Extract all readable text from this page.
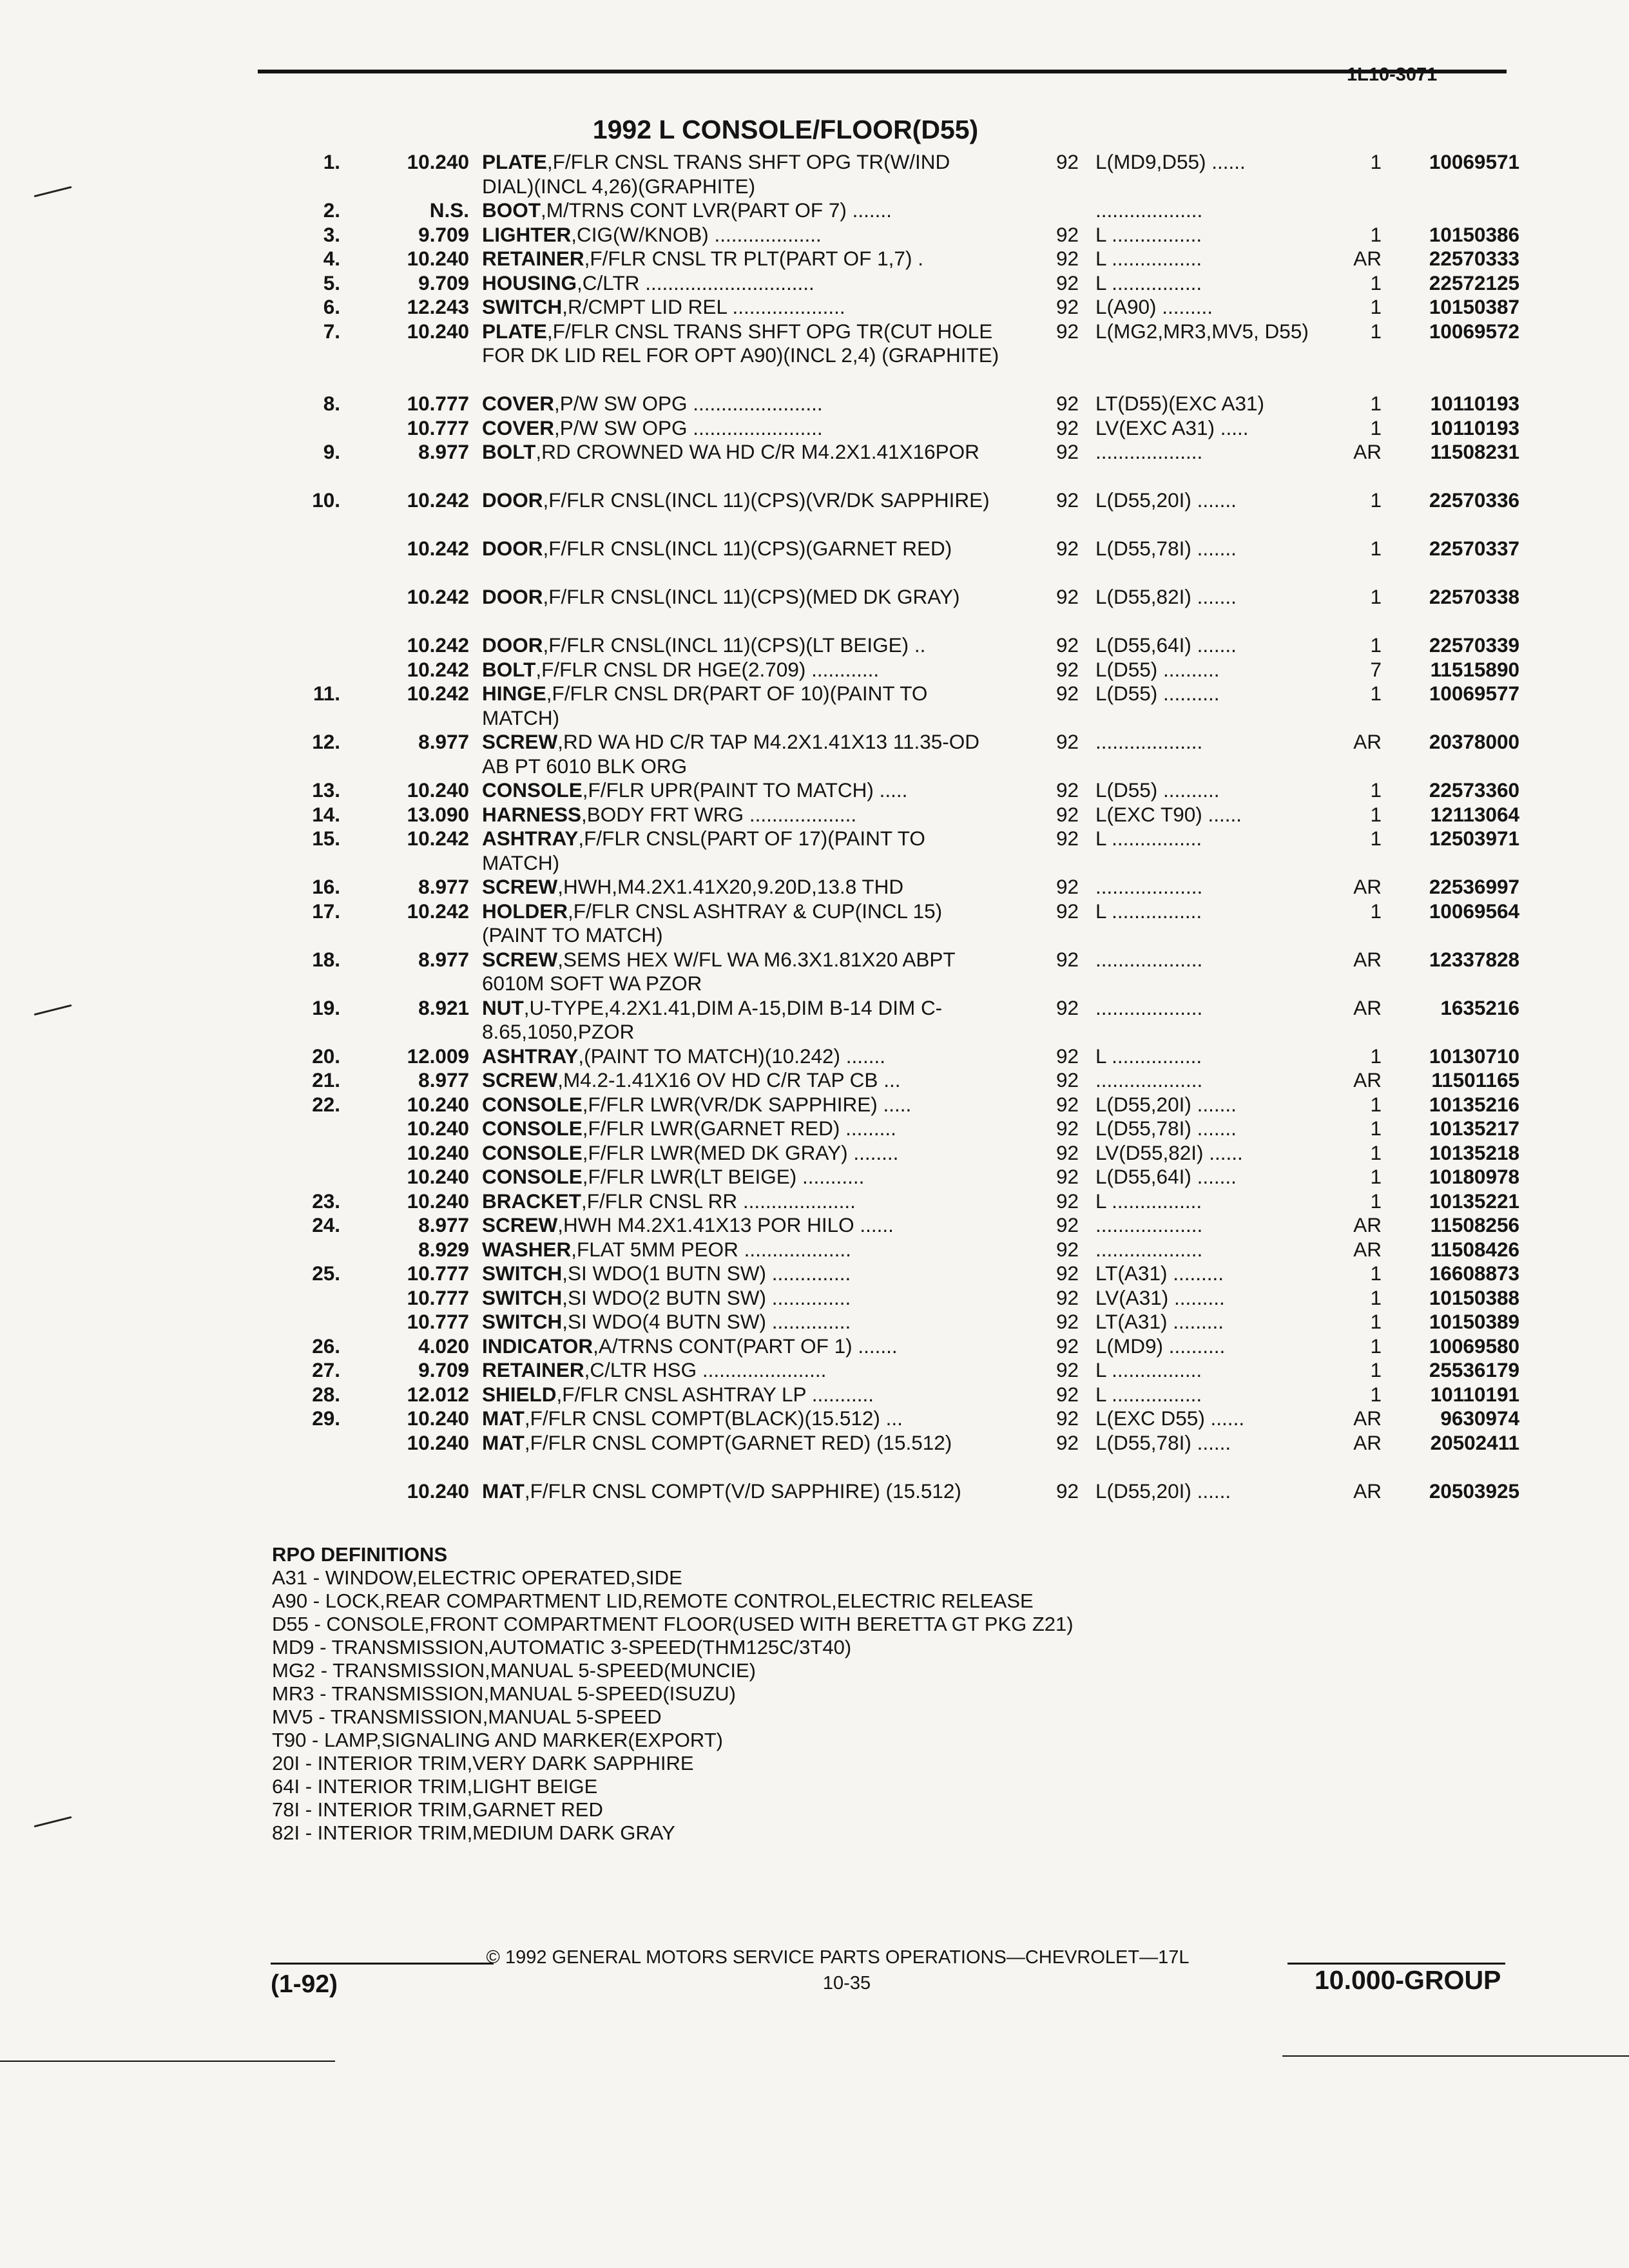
1L10-3071
1992 L CONSOLE/FLOOR(D55)
1.	10.240 PLATE,F/FLR CNSL TRANS SHFT OPG TR(W/IND DIAL)(INCL 4,26)(GRAPHITE)
92 L(MD9,D55) ......	1	10069571
2.	N.S. BOOT,M/TRNS CONT LVR(PART OF 7) .......	...................
3.	9.709 LIGHTER,CIG(W/KNOB) ...................	92 L ................	1	10150386
4.	10.240 RETAINER,F/FLR CNSL TR PLT(PART OF 1,7) .	92 L ................	AR	22570333
5.	9.709 HOUSING,C/LTR ..............................	92 L ................	1	22572125
6.	12.243 SWITCH,R/CMPT LID REL ....................	92 L(A90) .........	1	10150387
7.	10.240 PLATE,F/FLR CNSL TRANS SHFT OPG TR(CUT HOLE FOR DK LID REL FOR OPT A90)(INCL 2,4) (GRAPHITE)
92 L(MG2,MR3,MV5, D55)	1	10069572
8.	10.777 COVER,P/W SW OPG .......................	92 LT(D55)(EXC A31)	1	10110193
10.777 COVER,P/W SW OPG .......................	92 LV(EXC A31) .....	1	10110193
9.	8.977 BOLT,RD CROWNED WA HD C/R M4.2X1.41X16POR	92 ...................	AR	11508231
10.	10.242 DOOR,F/FLR CNSL(INCL 11)(CPS)(VR/DK SAPPHIRE)	92 L(D55,20I) .......	1	22570336
10.242 DOOR,F/FLR CNSL(INCL 11)(CPS)(GARNET RED)	92 L(D55,78I) .......	1	22570337
10.242 DOOR,F/FLR CNSL(INCL 11)(CPS)(MED DK GRAY)	92 L(D55,82I) .......	1	22570338
10.242 DOOR,F/FLR CNSL(INCL 11)(CPS)(LT BEIGE) ..	92 L(D55,64I) .......	1	22570339
10.242 BOLT,F/FLR CNSL DR HGE(2.709) ............	92 L(D55) ..........	7	11515890
11.	10.242 HINGE,F/FLR CNSL DR(PART OF 10)(PAINT TO MATCH)
92 L(D55) ..........	1	10069577
12.	8.977 SCREW,RD WA HD C/R TAP M4.2X1.41X13 11.35-OD AB PT 6010 BLK ORG
92 ...................	AR	20378000
13.	10.240 CONSOLE,F/FLR UPR(PAINT TO MATCH) .....	92 L(D55) ..........	1	22573360
14.	13.090 HARNESS,BODY FRT WRG ...................	92 L(EXC T90) ......	1	12113064
15.	10.242 ASHTRAY,F/FLR CNSL(PART OF 17)(PAINT TO MATCH)
92 L ................	1	12503971
16.	8.977 SCREW,HWH,M4.2X1.41X20,9.20D,13.8 THD	92 ...................	AR	22536997
17.	10.242 HOLDER,F/FLR CNSL ASHTRAY & CUP(INCL 15)(PAINT TO MATCH)
92 L ................	1	10069564
18.	8.977 SCREW,SEMS HEX W/FL WA M6.3X1.81X20 ABPT 6010M SOFT WA PZOR
92 ...................	AR	12337828
19.	8.921 NUT,U-TYPE,4.2X1.41,DIM A-15,DIM B-14 DIM C-8.65,1050,PZOR
92 ...................	AR	1635216
20.	12.009 ASHTRAY,(PAINT TO MATCH)(10.242) .......	92 L ................	1	10130710
21.	8.977 SCREW,M4.2-1.41X16 OV HD C/R TAP CB ...	92 ...................	AR	11501165
22.	10.240 CONSOLE,F/FLR LWR(VR/DK SAPPHIRE) .....	92 L(D55,20I) .......	1	10135216
10.240 CONSOLE,F/FLR LWR(GARNET RED) .........	92 L(D55,78I) .......	1	10135217
10.240 CONSOLE,F/FLR LWR(MED DK GRAY) ........	92 LV(D55,82I) ......	1	10135218
10.240 CONSOLE,F/FLR LWR(LT BEIGE) ...........	92 L(D55,64I) .......	1	10180978
23.	10.240 BRACKET,F/FLR CNSL RR ....................	92 L ................	1	10135221
24.	8.977 SCREW,HWH M4.2X1.41X13 POR HILO ......	92 ...................	AR	11508256
8.929 WASHER,FLAT 5MM PEOR ...................	92 ...................	AR	11508426
25.	10.777 SWITCH,SI WDO(1 BUTN SW) ..............	92 LT(A31) .........	1	16608873
10.777 SWITCH,SI WDO(2 BUTN SW) ..............	92 LV(A31) .........	1	10150388
10.777 SWITCH,SI WDO(4 BUTN SW) ..............	92 LT(A31) .........	1	10150389
26.	4.020 INDICATOR,A/TRNS CONT(PART OF 1) .......	92 L(MD9) ..........	1	10069580
27.	9.709 RETAINER,C/LTR HSG ......................	92 L ................	1	25536179
28.	12.012 SHIELD,F/FLR CNSL ASHTRAY LP ...........	92 L ................	1	10110191
29.	10.240 MAT,F/FLR CNSL COMPT(BLACK)(15.512) ...	92 L(EXC D55) ......	AR	9630974
10.240 MAT,F/FLR CNSL COMPT(GARNET RED) (15.512)	92 L(D55,78I) ......	AR	20502411
10.240 MAT,F/FLR CNSL COMPT(V/D SAPPHIRE) (15.512)	92 L(D55,20I) ......	AR	20503925
RPO DEFINITIONS
A31 - WINDOW,ELECTRIC OPERATED,SIDE
A90 - LOCK,REAR COMPARTMENT LID,REMOTE CONTROL,ELECTRIC RELEASE
D55 - CONSOLE,FRONT COMPARTMENT FLOOR(USED WITH BERETTA GT PKG Z21)
MD9 - TRANSMISSION,AUTOMATIC 3-SPEED(THM125C/3T40)
MG2 - TRANSMISSION,MANUAL 5-SPEED(MUNCIE)
MR3 - TRANSMISSION,MANUAL 5-SPEED(ISUZU)
MV5 - TRANSMISSION,MANUAL 5-SPEED
T90 - LAMP,SIGNALING AND MARKER(EXPORT)
20I - INTERIOR TRIM,VERY DARK SAPPHIRE
64I - INTERIOR TRIM,LIGHT BEIGE
78I - INTERIOR TRIM,GARNET RED
82I - INTERIOR TRIM,MEDIUM DARK GRAY
© 1992 GENERAL MOTORS SERVICE PARTS OPERATIONS—CHEVROLET—17L
(1-92)	10-35	10.000-GROUP
